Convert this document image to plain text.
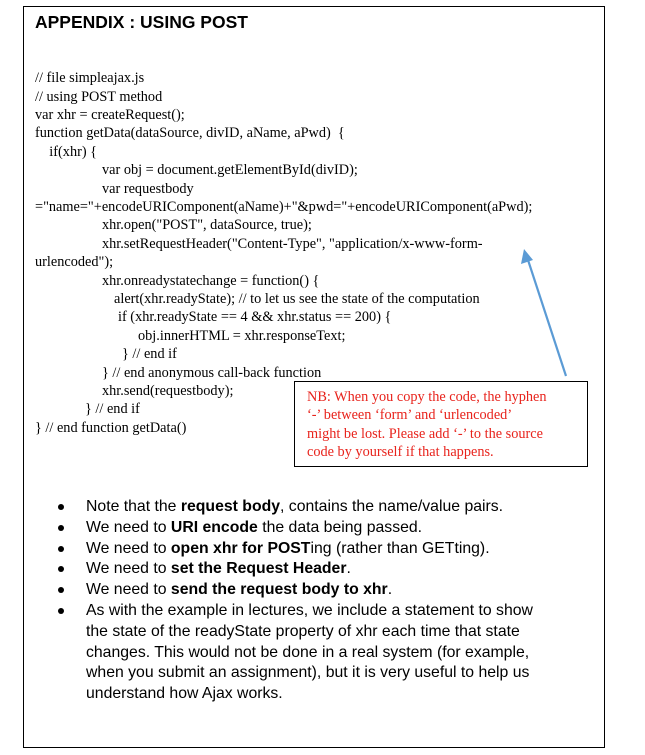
APPENDIX : USING POST
// file simpleajax.js
// using POST method
var xhr = createRequest();
function getData(dataSource, divID, aName, aPwd)  {
if(xhr) {
var obj = document.getElementById(divID);
var requestbody
="name="+encodeURIComponent(aName)+"&pwd="+encodeURIComponent(aPwd);
xhr.open("POST", dataSource, true);
xhr.setRequestHeader("Content-Type", "application/x-www-form-
urlencoded");
xhr.onreadystatechange = function() {
alert(xhr.readyState); // to let us see the state of the computation
if (xhr.readyState == 4 && xhr.status == 200) {
obj.innerHTML = xhr.responseText;
} // end if
} // end anonymous call-back function
xhr.send(requestbody);
} // end if
} // end function getData()
NB: When you copy the code, the hyphen
‘-’ between ‘form’ and ‘urlencoded’
might be lost. Please add ‘-’ to the source
code by yourself if that happens.
Note that the request body, contains the name/value pairs.
We need to URI encode the data being passed.
We need to open xhr for POSTing (rather than GETting).
We need to set the Request Header.
We need to send the request body to xhr.
As with the example in lectures, we include a statement to show
the state of the readyState property of xhr each time that state
changes. This would not be done in a real system (for example,
when you submit an assignment), but it is very useful to help us
understand how Ajax works.
